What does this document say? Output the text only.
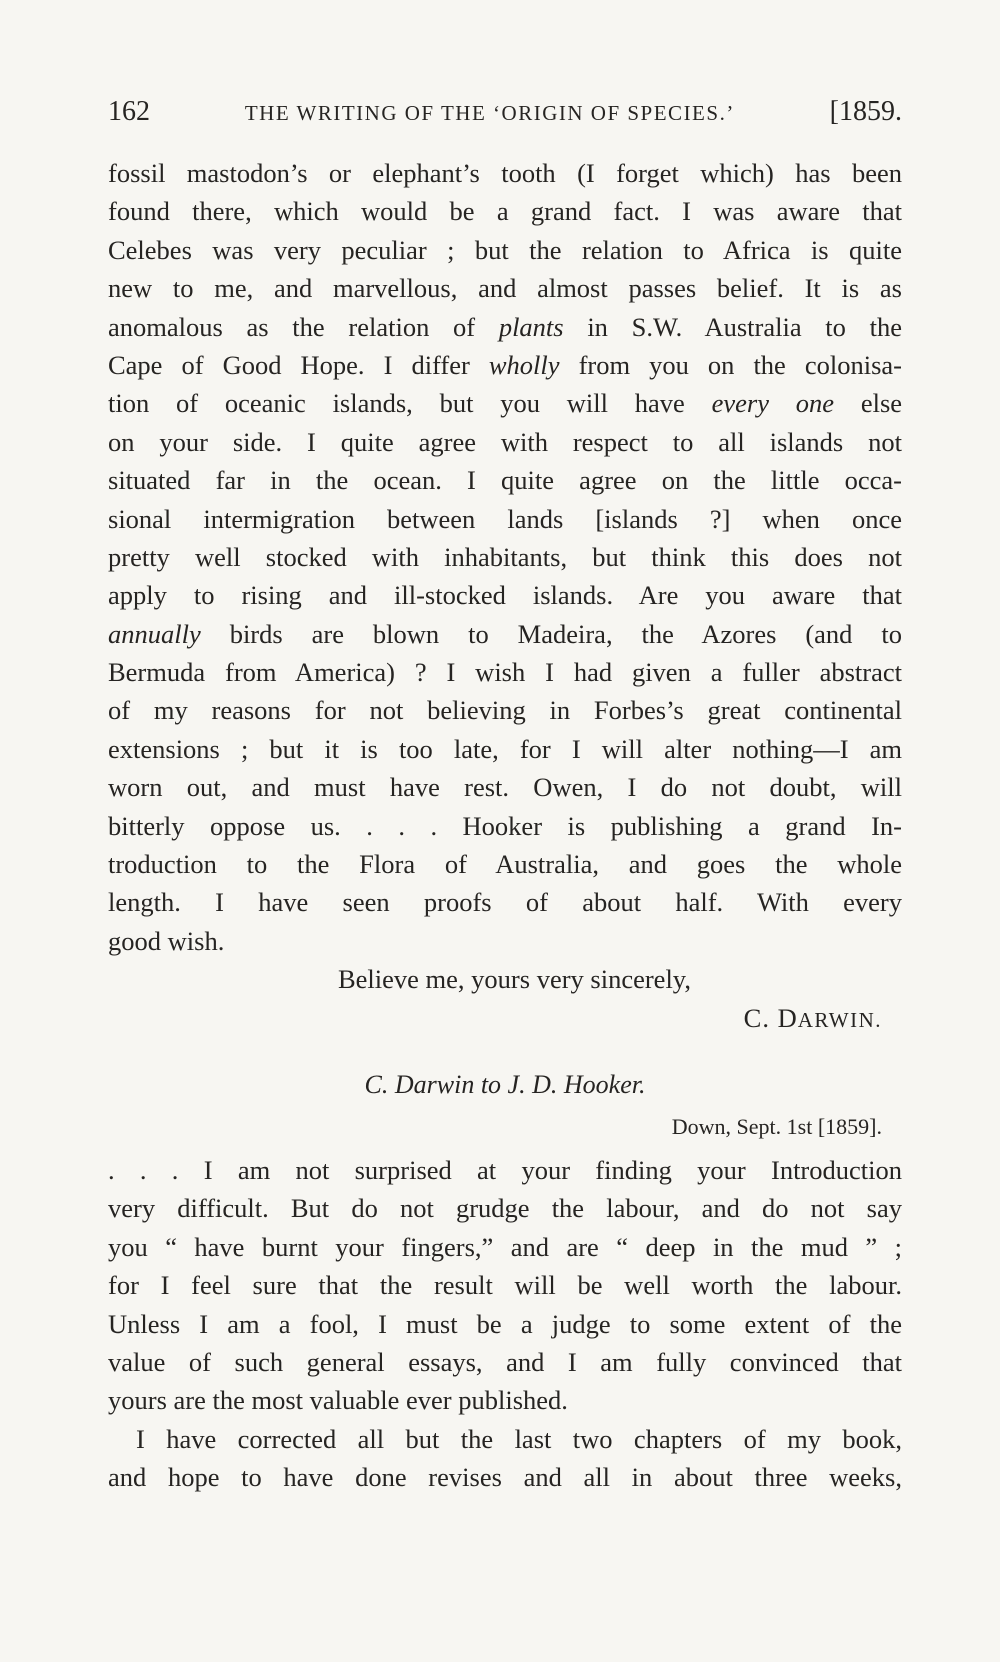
162	THE WRITING OF THE ‘ORIGIN OF SPECIES.’	[1859.
fossil mastodon’s or elephant’s tooth (I forget which) has been
found there, which would be a grand fact. I was aware that
Celebes was very peculiar ; but the relation to Africa is quite
new to me, and marvellous, and almost passes belief. It is as
anomalous as the relation of plants in S.W. Australia to the
Cape of Good Hope. I differ wholly from you on the colonisa-
tion of oceanic islands, but you will have every one else
on your side. I quite agree with respect to all islands not
situated far in the ocean. I quite agree on the little occa-
sional intermigration between lands [islands ?] when once
pretty well stocked with inhabitants, but think this does not
apply to rising and ill-stocked islands. Are you aware that
annually birds are blown to Madeira, the Azores (and to
Bermuda from America) ? I wish I had given a fuller abstract
of my reasons for not believing in Forbes’s great continental
extensions ; but it is too late, for I will alter nothing—I am
worn out, and must have rest. Owen, I do not doubt, will
bitterly oppose us. . . . Hooker is publishing a grand In-
troduction to the Flora of Australia, and goes the whole
length. I have seen proofs of about half. With every
good wish.
Believe me, yours very sincerely,
C. DARWIN.
C. Darwin to J. D. Hooker.
Down, Sept. 1st [1859].
. . . I am not surprised at your finding your Introduction
very difficult. But do not grudge the labour, and do not say
you “ have burnt your fingers,” and are “ deep in the mud ” ;
for I feel sure that the result will be well worth the labour.
Unless I am a fool, I must be a judge to some extent of the
value of such general essays, and I am fully convinced that
yours are the most valuable ever published.
I have corrected all but the last two chapters of my book,
and hope to have done revises and all in about three weeks,
